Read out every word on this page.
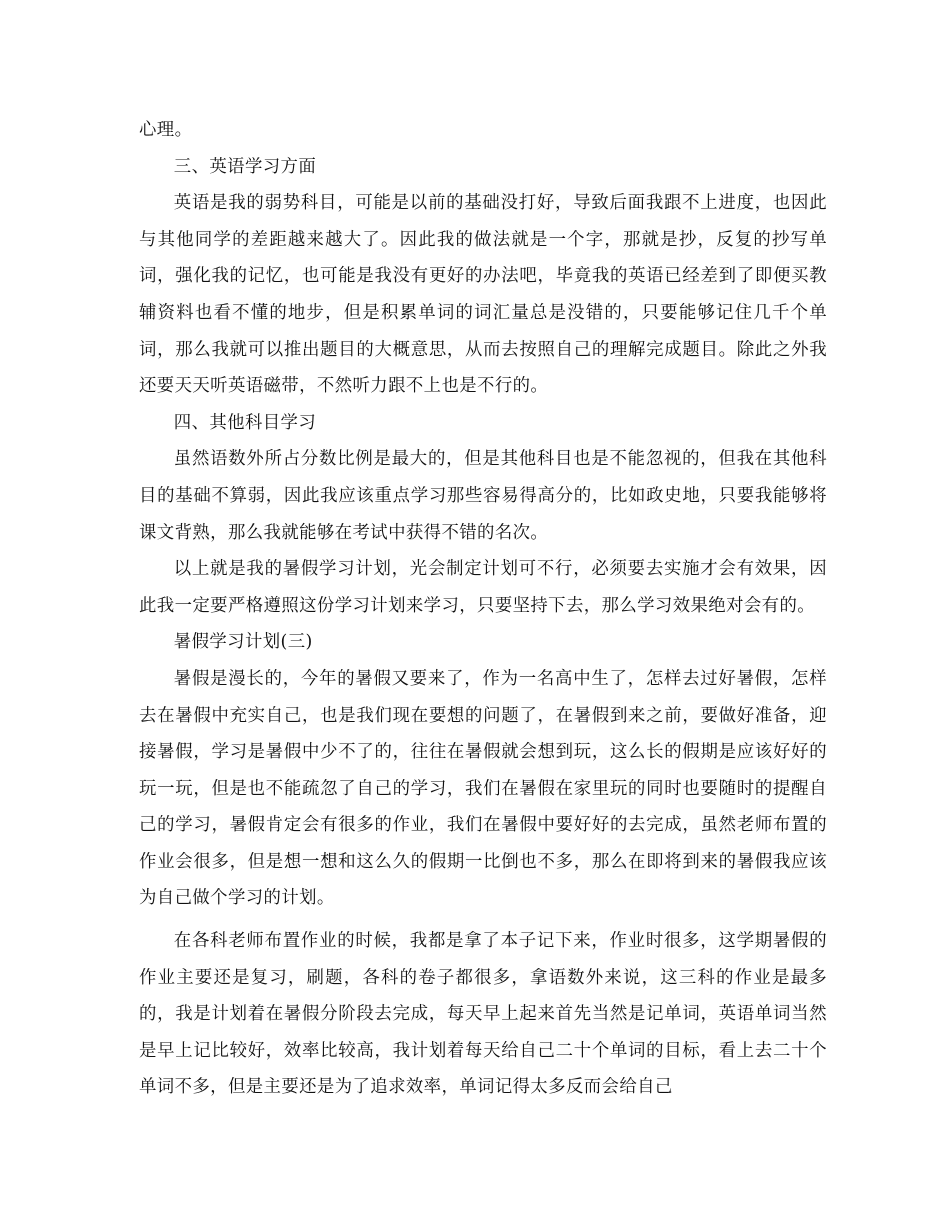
心理。

三、英语学习方面

英语是我的弱势科目，可能是以前的基础没打好，导致后面我跟不上进度，也因此与其他同学的差距越来越大了。因此我的做法就是一个字，那就是抄，反复的抄写单词，强化我的记忆，也可能是我没有更好的办法吧，毕竟我的英语已经差到了即便买教辅资料也看不懂的地步，但是积累单词的词汇量总是没错的，只要能够记住几千个单词，那么我就可以推出题目的大概意思，从而去按照自己的理解完成题目。除此之外我还要天天听英语磁带，不然听力跟不上也是不行的。

四、其他科目学习

虽然语数外所占分数比例是最大的，但是其他科目也是不能忽视的，但我在其他科目的基础不算弱，因此我应该重点学习那些容易得高分的，比如政史地，只要我能够将课文背熟，那么我就能够在考试中获得不错的名次。

以上就是我的暑假学习计划，光会制定计划可不行，必须要去实施才会有效果，因此我一定要严格遵照这份学习计划来学习，只要坚持下去，那么学习效果绝对会有的。

暑假学习计划(三)

暑假是漫长的，今年的暑假又要来了，作为一名高中生了，怎样去过好暑假，怎样去在暑假中充实自己，也是我们现在要想的问题了，在暑假到来之前，要做好准备，迎接暑假，学习是暑假中少不了的，往往在暑假就会想到玩，这么长的假期是应该好好的玩一玩，但是也不能疏忽了自己的学习，我们在暑假在家里玩的同时也要随时的提醒自己的学习，暑假肯定会有很多的作业，我们在暑假中要好好的去完成，虽然老师布置的作业会很多，但是想一想和这么久的假期一比倒也不多，那么在即将到来的暑假我应该为自己做个学习的计划。

在各科老师布置作业的时候，我都是拿了本子记下来，作业时很多，这学期暑假的作业主要还是复习，刷题，各科的卷子都很多，拿语数外来说，这三科的作业是最多的，我是计划着在暑假分阶段去完成，每天早上起来首先当然是记单词，英语单词当然是早上记比较好，效率比较高，我计划着每天给自己二十个单词的目标，看上去二十个单词不多，但是主要还是为了追求效率，单词记得太多反而会给自己
